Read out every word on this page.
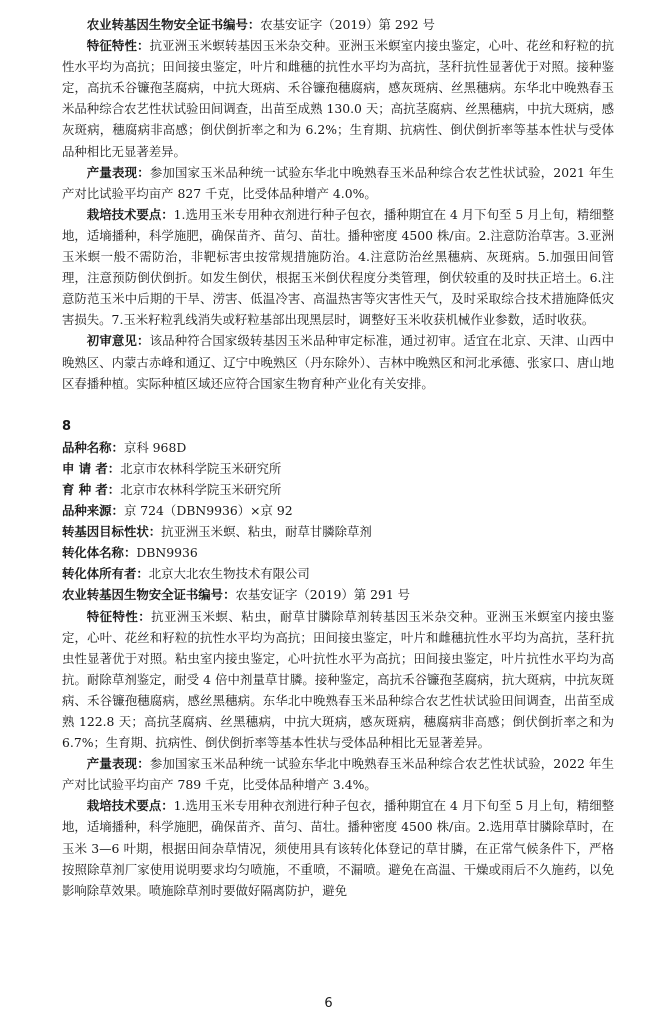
农业转基因生物安全证书编号：农基安证字（2019）第 292 号

特征特性：抗亚洲玉米螟转基因玉米杂交种。亚洲玉米螟室内接虫鉴定，心叶、花丝和籽粒的抗性水平均为高抗；田间接虫鉴定，叶片和雌穗的抗性水平均为高抗，茎秆抗性显著优于对照。接种鉴定，高抗禾谷镰孢茎腐病，中抗大斑病、禾谷镰孢穗腐病，感灰斑病、丝黑穗病。东华北中晚熟春玉米品种综合农艺性状试验田间调查，出苗至成熟 130.0 天；高抗茎腐病、丝黑穗病，中抗大斑病，感灰斑病，穗腐病非高感；倒伏倒折率之和为 6.2%；生育期、抗病性、倒伏倒折率等基本性状与受体品种相比无显著差异。

产量表现：参加国家玉米品种统一试验东华北中晚熟春玉米品种综合农艺性状试验，2021 年生产对比试验平均亩产 827 千克，比受体品种增产 4.0%。

栽培技术要点：1.选用玉米专用种衣剂进行种子包衣，播种期宜在 4 月下旬至 5 月上旬，精细整地，适墒播种，科学施肥，确保苗齐、苗匀、苗壮。播种密度 4500 株/亩。2.注意防治草害。3.亚洲玉米螟一般不需防治，非靶标害虫按常规措施防治。4.注意防治丝黑穗病、灰斑病。5.加强田间管理，注意预防倒伏倒折。如发生倒伏，根据玉米倒伏程度分类管理，倒伏较重的及时扶正培土。6.注意防范玉米中后期的干旱、涝害、低温冷害、高温热害等灾害性天气，及时采取综合技术措施降低灾害损失。7.玉米籽粒乳线消失或籽粒基部出现黑层时，调整好玉米收获机械作业参数，适时收获。

初审意见：该品种符合国家级转基因玉米品种审定标准，通过初审。适宜在北京、天津、山西中晚熟区、内蒙古赤峰和通辽、辽宁中晚熟区（丹东除外）、吉林中晚熟区和河北承德、张家口、唐山地区春播种植。实际种植区域还应符合国家生物育种产业化有关安排。

8

品种名称：京科 968D

申 请 者：北京市农林科学院玉米研究所

育 种 者：北京市农林科学院玉米研究所

品种来源：京 724（DBN9936）×京 92

转基因目标性状：抗亚洲玉米螟、粘虫，耐草甘膦除草剂

转化体名称：DBN9936

转化体所有者：北京大北农生物技术有限公司

农业转基因生物安全证书编号：农基安证字（2019）第 291 号

特征特性：抗亚洲玉米螟、粘虫，耐草甘膦除草剂转基因玉米杂交种。亚洲玉米螟室内接虫鉴定，心叶、花丝和籽粒的抗性水平均为高抗；田间接虫鉴定，叶片和雌穗抗性水平均为高抗，茎秆抗虫性显著优于对照。粘虫室内接虫鉴定，心叶抗性水平为高抗；田间接虫鉴定，叶片抗性水平均为高抗。耐除草剂鉴定，耐受 4 倍中剂量草甘膦。接种鉴定，高抗禾谷镰孢茎腐病，抗大斑病，中抗灰斑病、禾谷镰孢穗腐病，感丝黑穗病。东华北中晚熟春玉米品种综合农艺性状试验田间调查，出苗至成熟 122.8 天；高抗茎腐病、丝黑穗病，中抗大斑病，感灰斑病，穗腐病非高感；倒伏倒折率之和为 6.7%；生育期、抗病性、倒伏倒折率等基本性状与受体品种相比无显著差异。

产量表现：参加国家玉米品种统一试验东华北中晚熟春玉米品种综合农艺性状试验，2022 年生产对比试验平均亩产 789 千克，比受体品种增产 3.4%。

栽培技术要点：1.选用玉米专用种衣剂进行种子包衣，播种期宜在 4 月下旬至 5 月上旬，精细整地，适墒播种，科学施肥，确保苗齐、苗匀、苗壮。播种密度 4500 株/亩。2.选用草甘膦除草时，在玉米 3—6 叶期，根据田间杂草情况，须使用具有该转化体登记的草甘膦，在正常气候条件下，严格按照除草剂厂家使用说明要求均匀喷施，不重喷，不漏喷。避免在高温、干燥或雨后不久施药，以免影响除草效果。喷施除草剂时要做好隔离防护，避免

6
